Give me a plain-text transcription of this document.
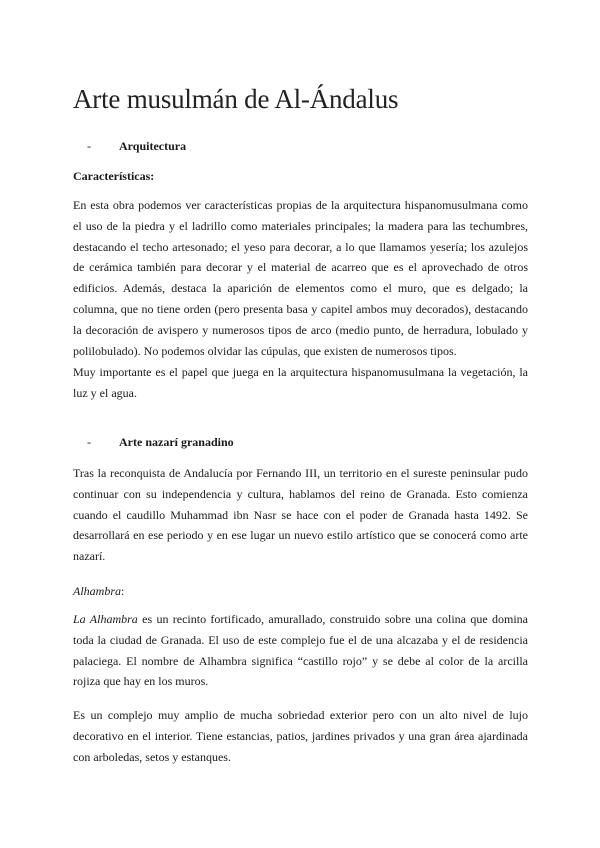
Arte musulmán de Al-Ándalus
- Arquitectura
Características:

En esta obra podemos ver características propias de la arquitectura hispanomusulmana como el uso de la piedra y el ladrillo como materiales principales; la madera para las techumbres, destacando el techo artesonado; el yeso para decorar, a lo que llamamos yesería; los azulejos de cerámica también para decorar y el material de acarreo que es el aprovechado de otros edificios. Además, destaca la aparición de elementos como el muro, que es delgado; la columna, que no tiene orden (pero presenta basa y capitel ambos muy decorados), destacando la decoración de avispero y numerosos tipos de arco (medio punto, de herradura, lobulado y polilobulado). No podemos olvidar las cúpulas, que existen de numerosos tipos.

Muy importante es el papel que juega en la arquitectura hispanomusulmana la vegetación, la luz y el agua.

- Arte nazarí granadino

Tras la reconquista de Andalucía por Fernando III, un territorio en el sureste peninsular pudo continuar con su independencia y cultura, hablamos del reino de Granada. Esto comienza cuando el caudillo Muhammad ibn Nasr se hace con el poder de Granada hasta 1492. Se desarrollará en ese periodo y en ese lugar un nuevo estilo artístico que se conocerá como arte nazarí.

Alhambra:

La Alhambra es un recinto fortificado, amurallado, construido sobre una colina que domina toda la ciudad de Granada. El uso de este complejo fue el de una alcazaba y el de residencia palaciega. El nombre de Alhambra significa “castillo rojo” y se debe al color de la arcilla rojiza que hay en los muros.

Es un complejo muy amplio de mucha sobriedad exterior pero con un alto nivel de lujo decorativo en el interior. Tiene estancias, patios, jardines privados y una gran área ajardinada con arboledas, setos y estanques.
